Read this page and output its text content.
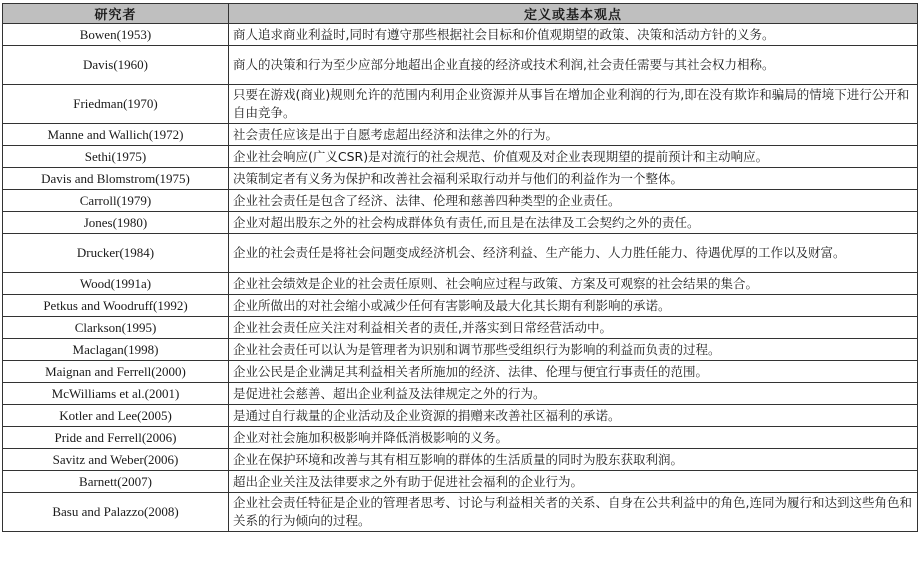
研究者	定义或基本观点
Bowen(1953)	商人追求商业利益时,同时有遵守那些根据社会目标和价值观期望的政策、决策和活动方针的义务。
Davis(1960)	商人的决策和行为至少应部分地超出企业直接的经济或技术利润,社会责任需要与其社会权力相称。
Friedman(1970)	只要在游戏(商业)规则允许的范围内利用企业资源并从事旨在增加企业利润的行为,即在没有欺诈和骗局的情境下进行公开和自由竞争。
Manne and Wallich(1972)	社会责任应该是出于自愿考虑超出经济和法律之外的行为。
Sethi(1975)	企业社会响应(广义CSR)是对流行的社会规范、价值观及对企业表现期望的提前预计和主动响应。
Davis and Blomstrom(1975)	决策制定者有义务为保护和改善社会福利采取行动并与他们的利益作为一个整体。
Carroll(1979)	企业社会责任是包含了经济、法律、伦理和慈善四种类型的企业责任。
Jones(1980)	企业对超出股东之外的社会构成群体负有责任,而且是在法律及工会契约之外的责任。
Drucker(1984)	企业的社会责任是将社会问题变成经济机会、经济利益、生产能力、人力胜任能力、待遇优厚的工作以及财富。
Wood(1991a)	企业社会绩效是企业的社会责任原则、社会响应过程与政策、方案及可观察的社会结果的集合。
Petkus and Woodruff(1992)	企业所做出的对社会缩小或减少任何有害影响及最大化其长期有利影响的承诺。
Clarkson(1995)	企业社会责任应关注对利益相关者的责任,并落实到日常经营活动中。
Maclagan(1998)	企业社会责任可以认为是管理者为识别和调节那些受组织行为影响的利益而负责的过程。
Maignan and Ferrell(2000)	企业公民是企业满足其利益相关者所施加的经济、法律、伦理与便宜行事责任的范围。
McWilliams et al.(2001)	是促进社会慈善、超出企业利益及法律规定之外的行为。
Kotler and Lee(2005)	是通过自行裁量的企业活动及企业资源的捐赠来改善社区福利的承诺。
Pride and Ferrell(2006)	企业对社会施加积极影响并降低消极影响的义务。
Savitz and Weber(2006)	企业在保护环境和改善与其有相互影响的群体的生活质量的同时为股东获取利润。
Barnett(2007)	超出企业关注及法律要求之外有助于促进社会福利的企业行为。
Basu and Palazzo(2008)	企业社会责任特征是企业的管理者思考、讨论与利益相关者的关系、自身在公共利益中的角色,连同为履行和达到这些角色和关系的行为倾向的过程。
